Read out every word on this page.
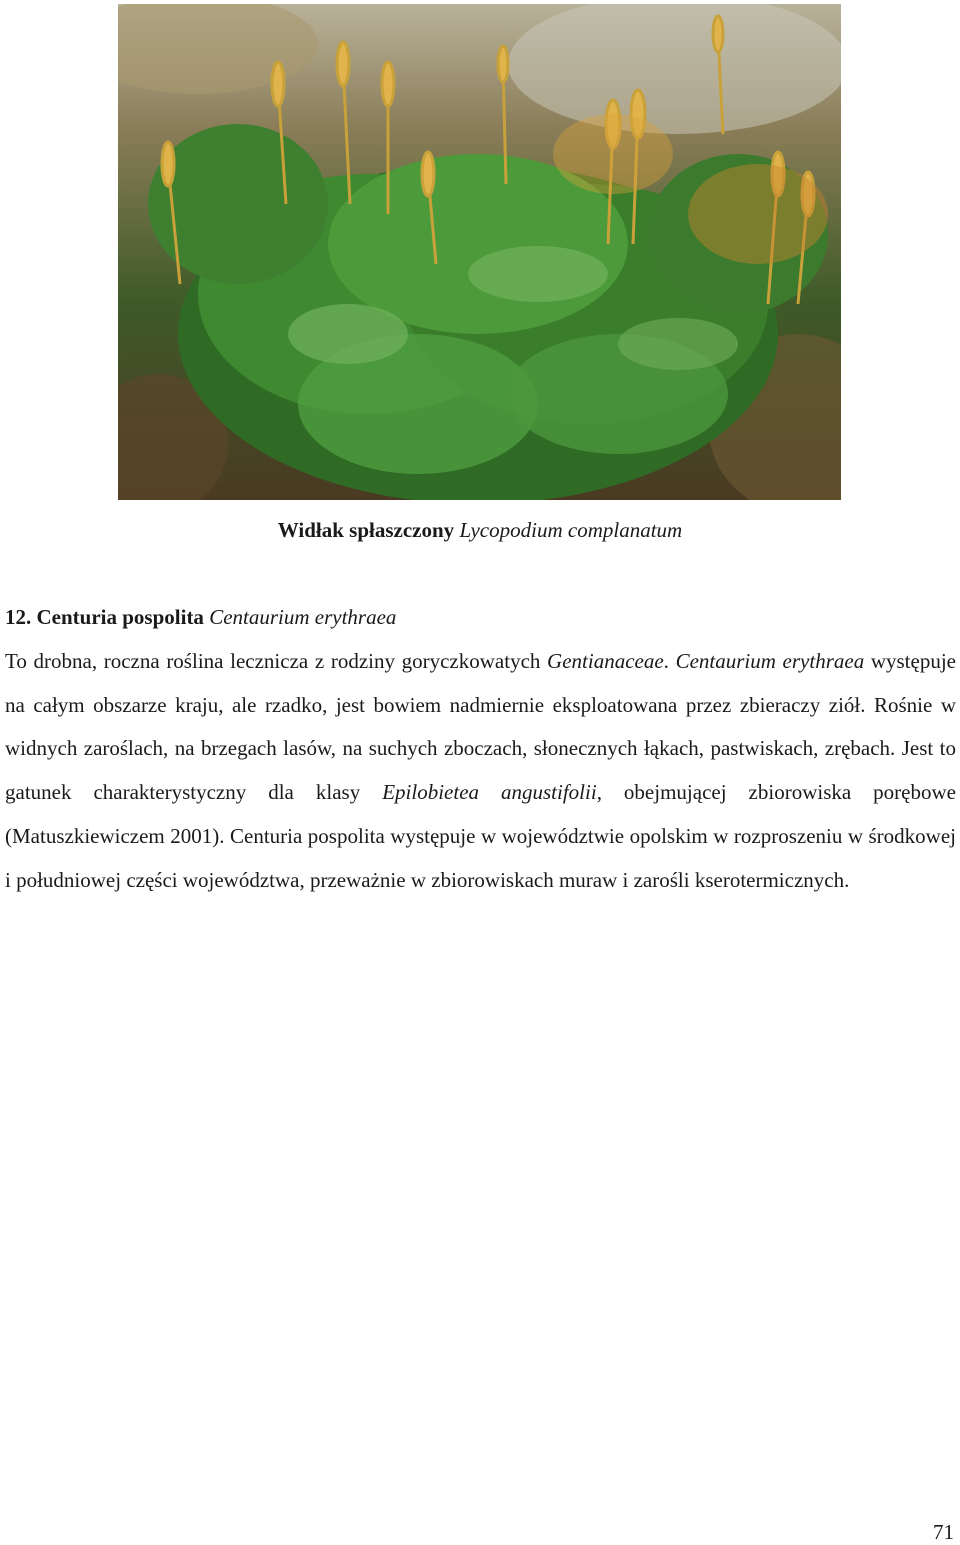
Widłak spłaszczony Lycopodium complanatum
12. Centuria pospolita Centaurium erythraea

To drobna, roczna roślina lecznicza z rodziny goryczkowatych Gentianaceae. Centaurium erythraea występuje na całym obszarze kraju, ale rzadko, jest bowiem nadmiernie eksploatowana przez zbieraczy ziół. Rośnie w widnych zaroślach, na brzegach lasów, na suchych zboczach, słonecznych łąkach, pastwiskach, zrębach. Jest to gatunek charakterystyczny dla klasy Epilobietea angustifolii, obejmującej zbiorowiska porębowe (Matuszkiewiczem 2001). Centuria pospolita występuje w województwie opolskim w rozproszeniu w środkowej i południowej części województwa, przeważnie w zbiorowiskach muraw i zarośli kserotermicznych.

71
